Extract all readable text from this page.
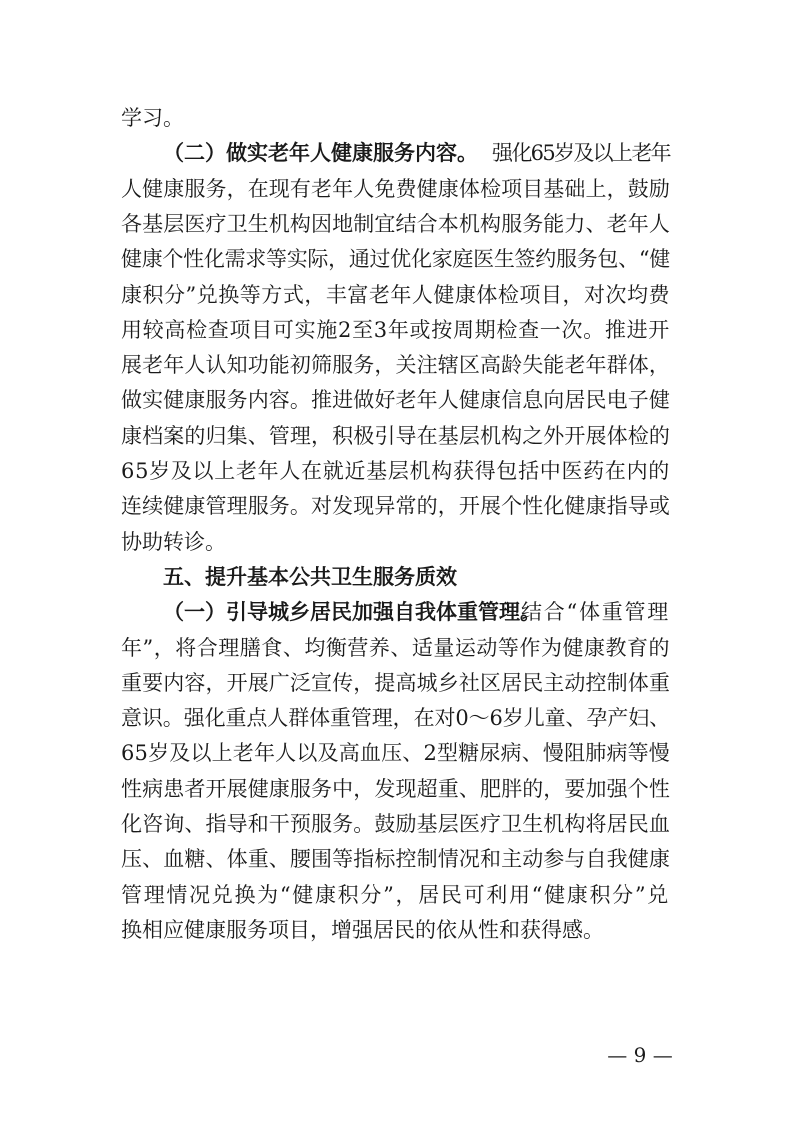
学习。
（二）做实老年人健康服务内容。 强化65岁及以上老年
人健康服务，在现有老年人免费健康体检项目基础上，鼓励
各基层医疗卫生机构因地制宜结合本机构服务能力、老年人
健康个性化需求等实际，通过优化家庭医生签约服务包、“健
康积分”兑换等方式，丰富老年人健康体检项目，对次均费
用较高检查项目可实施2至3年或按周期检查一次。推进开
展老年人认知功能初筛服务，关注辖区高龄失能老年群体，
做实健康服务内容。推进做好老年人健康信息向居民电子健
康档案的归集、管理，积极引导在基层机构之外开展体检的
65岁及以上老年人在就近基层机构获得包括中医药在内的
连续健康管理服务。对发现异常的，开展个性化健康指导或
协助转诊。
五、提升基本公共卫生服务质效
（一）引导城乡居民加强自我体重管理。
结合“体重管理
年”，将合理膳食、均衡营养、适量运动等作为健康教育的
重要内容，开展广泛宣传，提高城乡社区居民主动控制体重
意识。强化重点人群体重管理，在对0～6岁儿童、孕产妇、
65岁及以上老年人以及高血压、2型糖尿病、慢阻肺病等慢
性病患者开展健康服务中，发现超重、肥胖的，要加强个性
化咨询、指导和干预服务。鼓励基层医疗卫生机构将居民血
压、血糖、体重、腰围等指标控制情况和主动参与自我健康
管理情况兑换为“健康积分”，居民可利用“健康积分”兑
换相应健康服务项目，增强居民的依从性和获得感。
— 9 —
